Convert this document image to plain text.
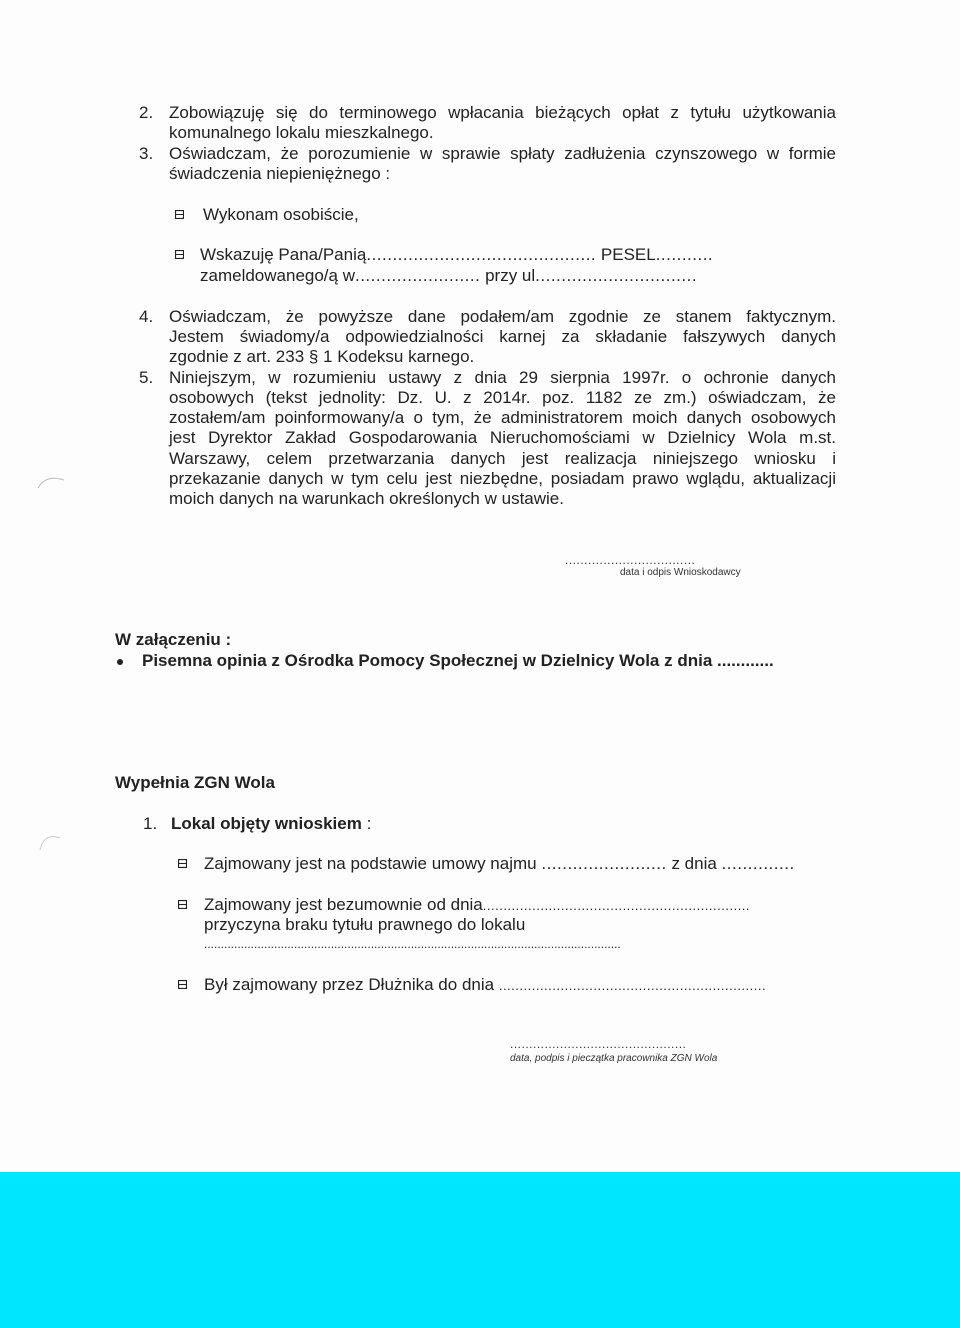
2. Zobowiązuję się do terminowego wpłacania bieżących opłat z tytułu użytkowania
komunalnego lokalu mieszkalnego.
3. Oświadczam, że porozumienie w sprawie spłaty zadłużenia czynszowego w formie
świadczenia niepieniężnego :
Wykonam osobiście,
Wskazuję Pana/Panią............................................ PESEL...........
zameldowanego/ą w........................ przy ul...............................
4. Oświadczam, że powyższe dane podałem/am zgodnie ze stanem faktycznym.
Jestem świadomy/a odpowiedzialności karnej za składanie fałszywych danych
zgodnie z art. 233 § 1 Kodeksu karnego.
5. Niniejszym, w rozumieniu ustawy z dnia 29 sierpnia 1997r. o ochronie danych
osobowych (tekst jednolity: Dz. U. z 2014r. poz. 1182 ze zm.) oświadczam, że
zostałem/am poinformowany/a o tym, że administratorem moich danych osobowych
jest Dyrektor Zakład Gospodarowania Nieruchomościami w Dzielnicy Wola m.st.
Warszawy, celem przetwarzania danych jest realizacja niniejszego wniosku i
przekazanie danych w tym celu jest niezbędne, posiadam prawo wglądu, aktualizacji
moich danych na warunkach określonych w ustawie.
..................................
data i odpis Wnioskodawcy
W załączeniu :
Pisemna opinia z Ośrodka Pomocy Społecznej w Dzielnicy Wola z dnia ............
Wypełnia ZGN Wola
1. Lokal objęty wnioskiem :
Zajmowany jest na podstawie umowy najmu ........................ z dnia ..............
Zajmowany jest bezumownie od dnia.................................................................
przyczyna braku tytułu prawnego do lokalu
.............................................................................................................................
Był zajmowany przez Dłużnika do dnia .................................................................
..............................................
data, podpis i pieczątka pracownika ZGN Wola
